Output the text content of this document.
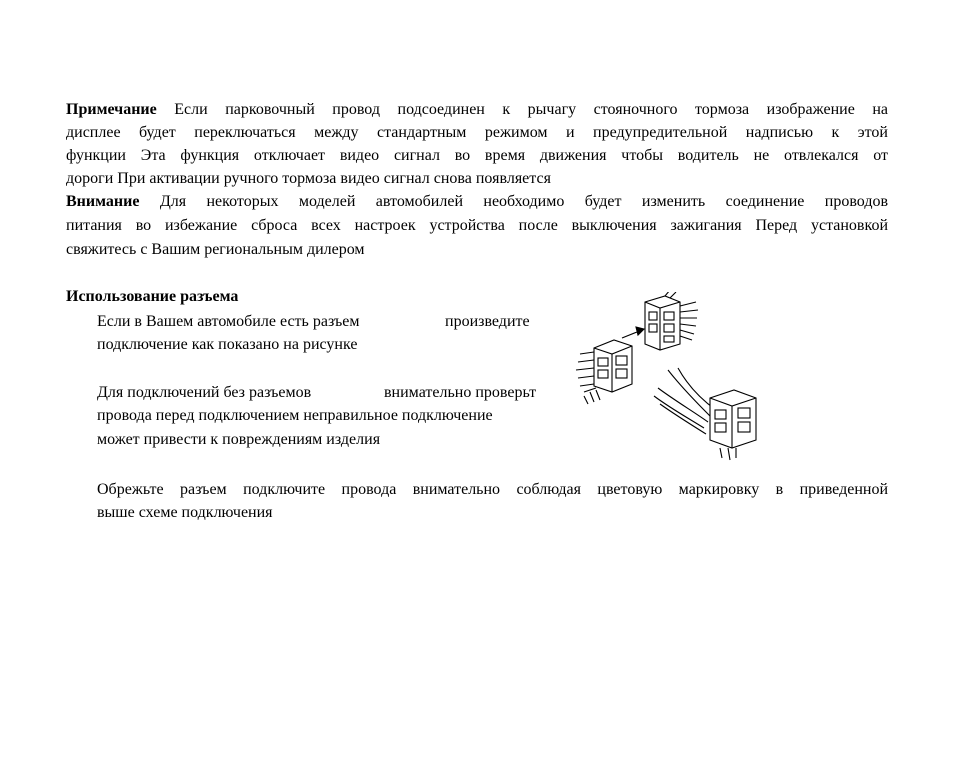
Примечание Если парковочный провод подсоединен к рычагу стояночного тормоза изображение на
дисплее будет переключаться между стандартным режимом и предупредительной надписью к этой
функции Эта функция отключает видео сигнал во время движения чтобы водитель не отвлекался от
дороги При активации ручного тормоза видео сигнал снова появляется
Внимание Для некоторых моделей автомобилей необходимо будет изменить соединение проводов
питания во избежание сброса всех настроек устройства после выключения зажигания Перед установкой
свяжитесь с Вашим региональным дилером
Использование разъема
Если в Вашем автомобиле есть разъем	произведите
подключение как показано на рисунке
Для подключений без разъемов	внимательно проверьт
провода перед подключением неправильное подключение
может привести к повреждениям изделия
Обрежьте разъем подключите провода внимательно соблюдая цветовую маркировку в приведенной
выше схеме подключения
